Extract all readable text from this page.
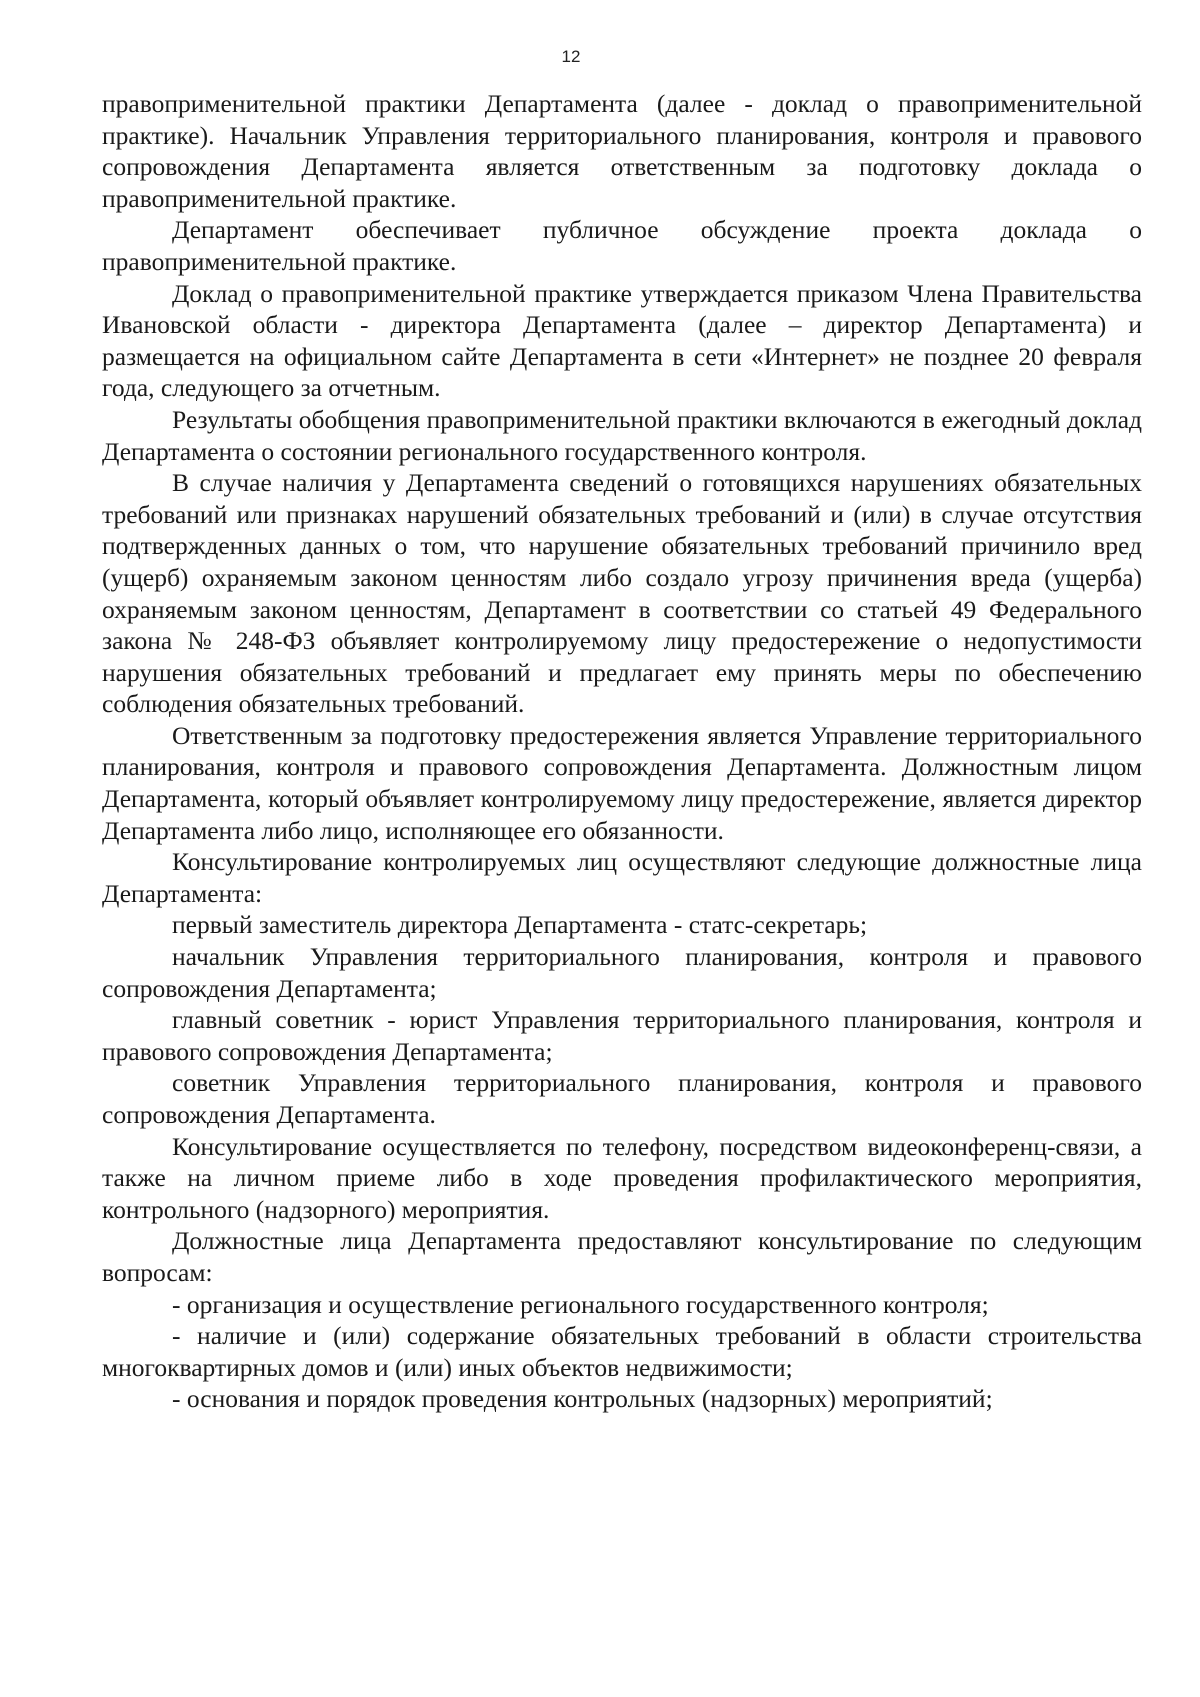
12

правоприменительной практики Департамента (далее - доклад о правоприменительной практике). Начальник Управления территориального планирования, контроля и правового сопровождения Департамента является ответственным за подготовку доклада о правоприменительной практике.

Департамент обеспечивает публичное обсуждение проекта доклада о правоприменительной практике.

Доклад о правоприменительной практике утверждается приказом Члена Правительства Ивановской области - директора Департамента (далее – директор Департамента) и размещается на официальном сайте Департамента в сети «Интернет» не позднее 20 февраля года, следующего за отчетным.

Результаты обобщения правоприменительной практики включаются в ежегодный доклад Департамента о состоянии регионального государственного контроля.

В случае наличия у Департамента сведений о готовящихся нарушениях обязательных требований или признаках нарушений обязательных требований и (или) в случае отсутствия подтвержденных данных о том, что нарушение обязательных требований причинило вред (ущерб) охраняемым законом ценностям либо создало угрозу причинения вреда (ущерба) охраняемым законом ценностям, Департамент в соответствии со статьей 49 Федерального закона № 248-ФЗ объявляет контролируемому лицу предостережение о недопустимости нарушения обязательных требований и предлагает ему принять меры по обеспечению соблюдения обязательных требований.

Ответственным за подготовку предостережения является Управление территориального планирования, контроля и правового сопровождения Департамента. Должностным лицом Департамента, который объявляет контролируемому лицу предостережение, является директор Департамента либо лицо, исполняющее его обязанности.

Консультирование контролируемых лиц осуществляют следующие должностные лица Департамента:

первый заместитель директора Департамента - статс-секретарь;

начальник Управления территориального планирования, контроля и правового сопровождения Департамента;

главный советник - юрист Управления территориального планирования, контроля и правового сопровождения Департамента;

советник Управления территориального планирования, контроля и правового сопровождения Департамента.

Консультирование осуществляется по телефону, посредством видеоконференц-связи, а также на личном приеме либо в ходе проведения профилактического мероприятия, контрольного (надзорного) мероприятия.

Должностные лица Департамента предоставляют консультирование по следующим вопросам:

- организация и осуществление регионального государственного контроля;

- наличие и (или) содержание обязательных требований в области строительства многоквартирных домов и (или) иных объектов недвижимости;

- основания и порядок проведения контрольных (надзорных) мероприятий;
